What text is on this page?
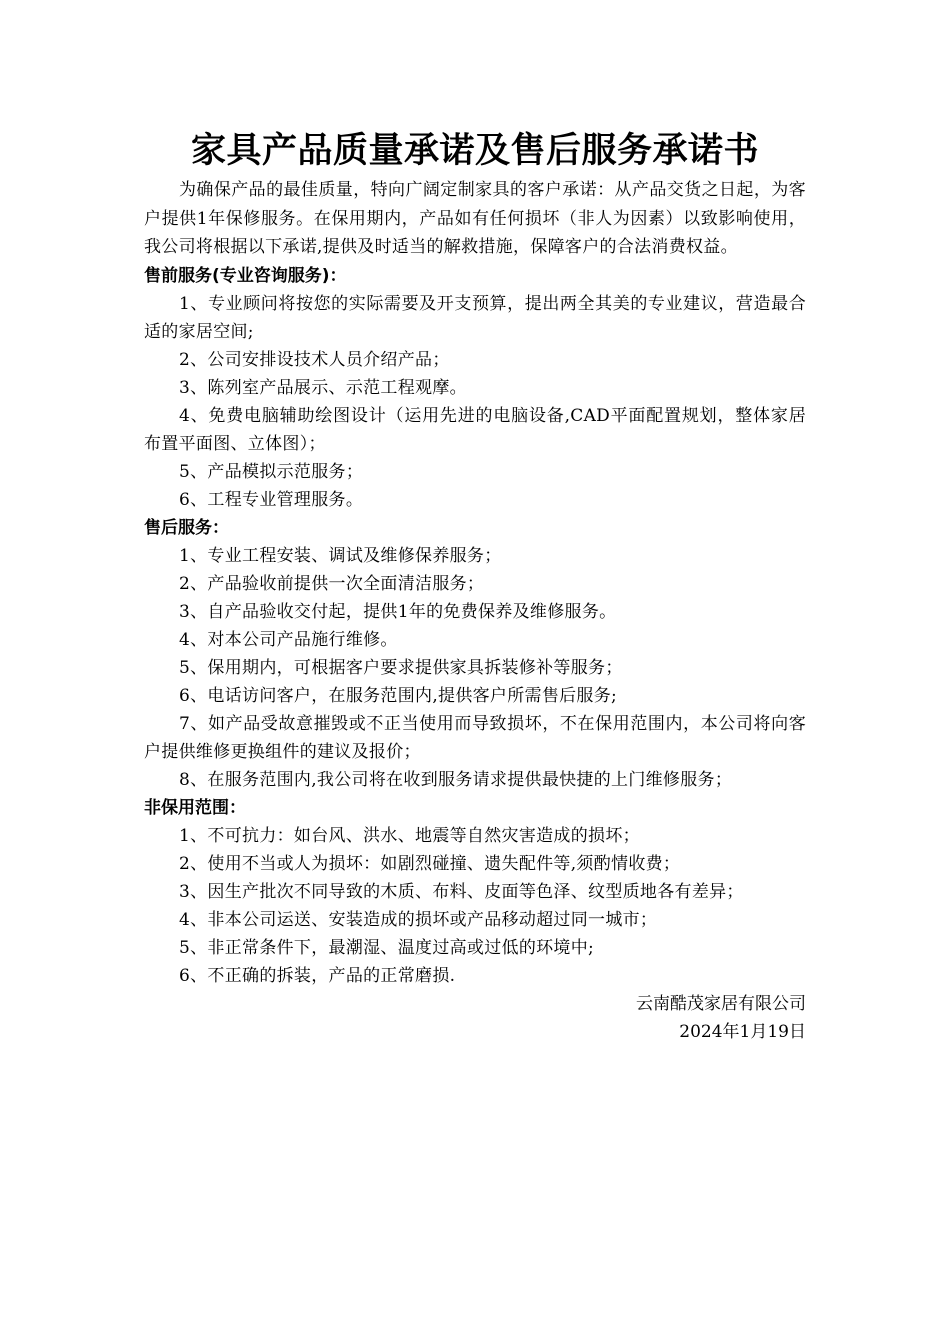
家具产品质量承诺及售后服务承诺书

为确保产品的最佳质量，特向广阔定制家具的客户承诺：从产品交货之日起，为客户提供1年保修服务。在保用期内，产品如有任何损坏（非人为因素）以致影响使用，我公司将根据以下承诺,提供及时适当的解救措施，保障客户的合法消费权益。

售前服务(专业咨询服务)：

1、专业顾问将按您的实际需要及开支预算，提出两全其美的专业建议，营造最合适的家居空间;

2、公司安排设技术人员介绍产品；

3、陈列室产品展示、示范工程观摩。

4、免费电脑辅助绘图设计（运用先进的电脑设备,CAD平面配置规划，整体家居布置平面图、立体图）；

5、产品模拟示范服务；

6、工程专业管理服务。

售后服务：

1、专业工程安装、调试及维修保养服务；

2、产品验收前提供一次全面清洁服务；

3、自产品验收交付起，提供1年的免费保养及维修服务。

4、对本公司产品施行维修。

5、保用期内，可根据客户要求提供家具拆装修补等服务；

6、电话访问客户，在服务范围内,提供客户所需售后服务;

7、如产品受故意摧毁或不正当使用而导致损坏，不在保用范围内，本公司将向客户提供维修更换组件的建议及报价；

8、在服务范围内,我公司将在收到服务请求提供最快捷的上门维修服务；

非保用范围：

1、不可抗力：如台风、洪水、地震等自然灾害造成的损坏；

2、使用不当或人为损坏：如剧烈碰撞、遗失配件等,须酌情收费；

3、因生产批次不同导致的木质、布料、皮面等色泽、纹型质地各有差异；

4、非本公司运送、安装造成的损坏或产品移动超过同一城市；

5、非正常条件下，最潮湿、温度过高或过低的环境中;

6、不正确的拆装，产品的正常磨损.

云南酷茂家居有限公司

2024年1月19日
